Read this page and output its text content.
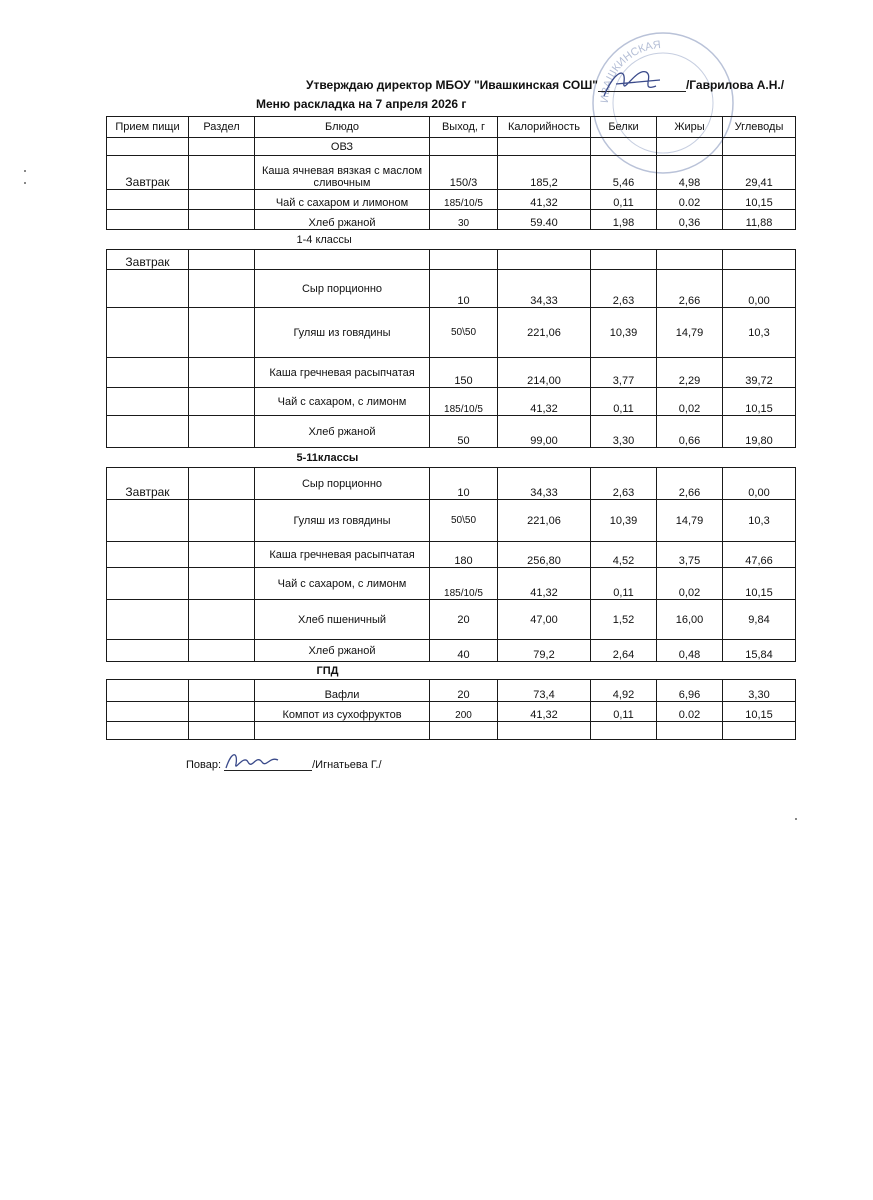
ИВАШКИНСКАЯ
Утверждаю директор МБОУ "Ивашкинская СОШ"	/Гаврилова А.Н./
Меню раскладка на 7 апреля 2026 г
Прием пищи	Раздел	Блюдо	Выход, г	Калорийность	Белки	Жиры	Углеводы
		ОВЗ					
Завтрак		Каша ячневая вязкая с маслом сливочным	150/3	185,2	5,46	4,98	29,41
		Чай с сахаром и лимоном	185/10/5	41,32	0,11	0.02	10,15
		Хлеб ржаной	30	59.40	1,98	0,36	11,88
1-4 классы							
Завтрак							
		Сыр порционно	10	34,33	2,63	2,66	0,00
		Гуляш из говядины	50\50	221,06	10,39	14,79	10,3
		Каша гречневая расыпчатая	150	214,00	3,77	2,29	39,72
		Чай с сахаром, с лимонм	185/10/5	41,32	0,11	0,02	10,15
		Хлеб ржаной	50	99,00	3,30	0,66	19,80
5-11классы							
Завтрак		Сыр порционно	10	34,33	2,63	2,66	0,00
		Гуляш из говядины	50\50	221,06	10,39	14,79	10,3
		Каша гречневая расыпчатая	180	256,80	4,52	3,75	47,66
		Чай с сахаром, с лимонм	185/10/5	41,32	0,11	0,02	10,15
		Хлеб пшеничный	20	47,00	1,52	16,00	9,84
		Хлеб ржаной	40	79,2	2,64	0,48	15,84
ГПД							
		Вафли	20	73,4	4,92	6,96	3,30
		Компот из сухофруктов	200	41,32	0,11	0.02	10,15

Повар:	/Игнатьева Г./
